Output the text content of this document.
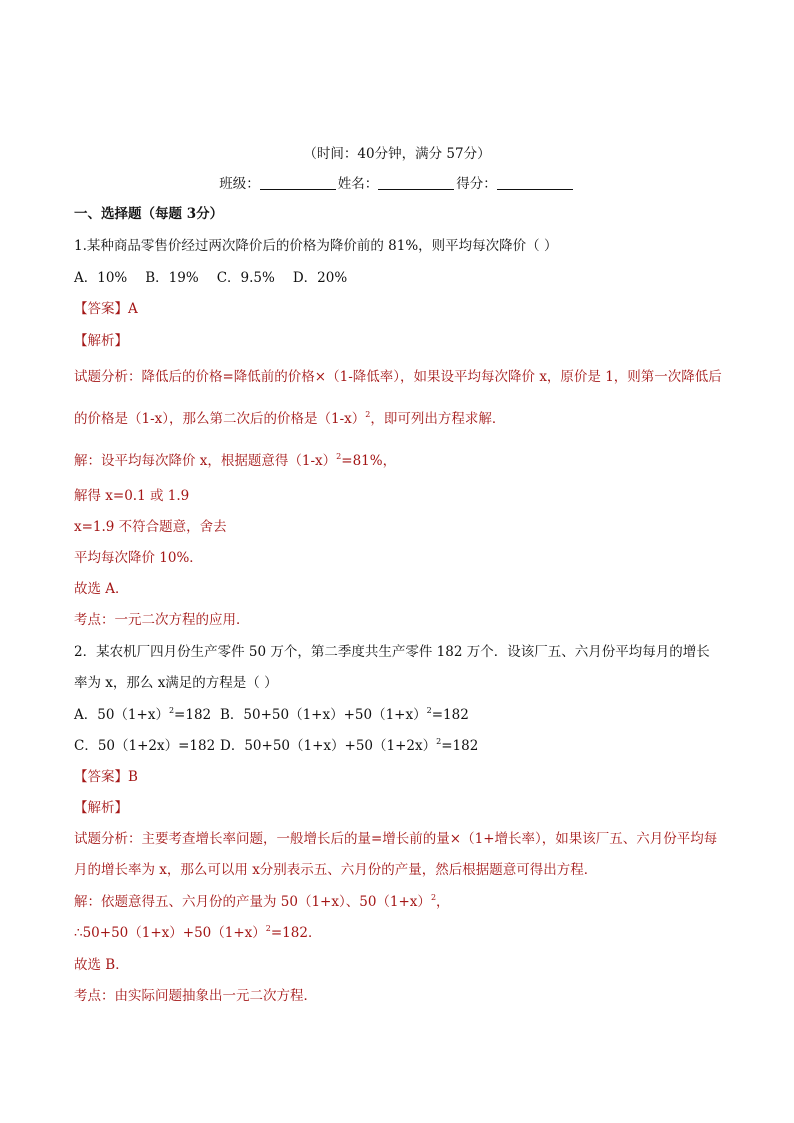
（时间：40分钟，满分 57分）
班级：	姓名：	得分：
一、选择题（每题 3分）
1.某种商品零售价经过两次降价后的价格为降价前的 81%，则平均每次降价（ ）
A．10% B．19% C．9.5% D．20%
【答案】A
【解析】
试题分析：降低后的价格=降低前的价格×（1-降低率），如果设平均每次降价 x，原价是 1，则第一次降低后
的价格是（1-x），那么第二次后的价格是$(1-x)^2$，即可列出方程求解．
解：设平均每次降价 x，根据题意得$(1-x)^2=81\%$，
解得 x=0.1 或 1.9
x=1.9 不符合题意，舍去
平均每次降价 10%．
故选 A．
考点：一元二次方程的应用．
2．某农机厂四月份生产零件 50 万个，第二季度共生产零件 182 万个．设该厂五、六月份平均每月的增长
率为 x，那么 x满足的方程是（ ）
A．$50(1+x)^2=182$ B．$50+50(1+x)+50(1+x)^2=182$
C．50（1+2x）=182 D．$50+50(1+x)+50(1+2x)^2=182$
【答案】B
【解析】
试题分析：主要考查增长率问题，一般增长后的量=增长前的量×（1+增长率），如果该厂五、六月份平均每
月的增长率为 x，那么可以用 x分别表示五、六月份的产量，然后根据题意可得出方程．
解：依题意得五、六月份的产量为 50（1+x）、$50(1+x)^2$，
$\therefore 50+50(1+x)+50(1+x)^2=182$．
故选 B．
考点：由实际问题抽象出一元二次方程．
